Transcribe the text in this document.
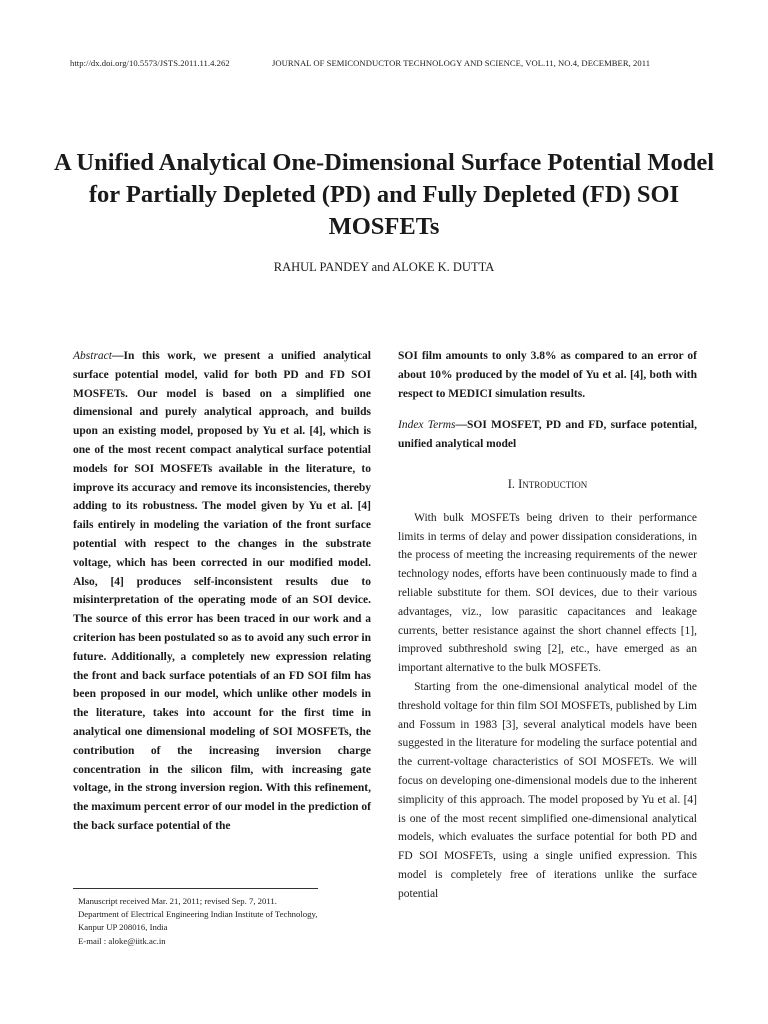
http://dx.doi.org/10.5573/JSTS.2011.11.4.262	JOURNAL OF SEMICONDUCTOR TECHNOLOGY AND SCIENCE, VOL.11, NO.4, DECEMBER, 2011
A Unified Analytical One-Dimensional Surface Potential Model for Partially Depleted (PD) and Fully Depleted (FD) SOI MOSFETs
RAHUL PANDEY and ALOKE K. DUTTA

Abstract—In this work, we present a unified analytical surface potential model, valid for both PD and FD SOI MOSFETs. Our model is based on a simplified one dimensional and purely analytical approach, and builds upon an existing model, proposed by Yu et al. [4], which is one of the most recent compact analytical surface potential models for SOI MOSFETs available in the literature, to improve its accuracy and remove its inconsistencies, thereby adding to its robustness. The model given by Yu et al. [4] fails entirely in modeling the variation of the front surface potential with respect to the changes in the substrate voltage, which has been corrected in our modified model. Also, [4] produces self-inconsistent results due to misinterpretation of the operating mode of an SOI device. The source of this error has been traced in our work and a criterion has been postulated so as to avoid any such error in future. Additionally, a completely new expression relating the front and back surface potentials of an FD SOI film has been proposed in our model, which unlike other models in the literature, takes into account for the first time in analytical one dimensional modeling of SOI MOSFETs, the contribution of the increasing inversion charge concentration in the silicon film, with increasing gate voltage, in the strong inversion region. With this refinement, the maximum percent error of our model in the prediction of the back surface potential of the

SOI film amounts to only 3.8% as compared to an error of about 10% produced by the model of Yu et al. [4], both with respect to MEDICI simulation results.

Index Terms—SOI MOSFET, PD and FD, surface potential, unified analytical model

I. Introduction

With bulk MOSFETs being driven to their performance limits in terms of delay and power dissipation considerations, in the process of meeting the increasing requirements of the newer technology nodes, efforts have been continuously made to find a reliable substitute for them. SOI devices, due to their various advantages, viz., low parasitic capacitances and leakage currents, better resistance against the short channel effects [1], improved subthreshold swing [2], etc., have emerged as an important alternative to the bulk MOSFETs.

Starting from the one-dimensional analytical model of the threshold voltage for thin film SOI MOSFETs, published by Lim and Fossum in 1983 [3], several analytical models have been suggested in the literature for modeling the surface potential and the current-voltage characteristics of SOI MOSFETs. We will focus on developing one-dimensional models due to the inherent simplicity of this approach. The model proposed by Yu et al. [4] is one of the most recent simplified one-dimensional analytical models, which evaluates the surface potential for both PD and FD SOI MOSFETs, using a single unified expression. This model is completely free of iterations unlike the surface potential

Manuscript received Mar. 21, 2011; revised Sep. 7, 2011.
Department of Electrical Engineering Indian Institute of Technology,
Kanpur UP 208016, India
E-mail : aloke@iitk.ac.in
